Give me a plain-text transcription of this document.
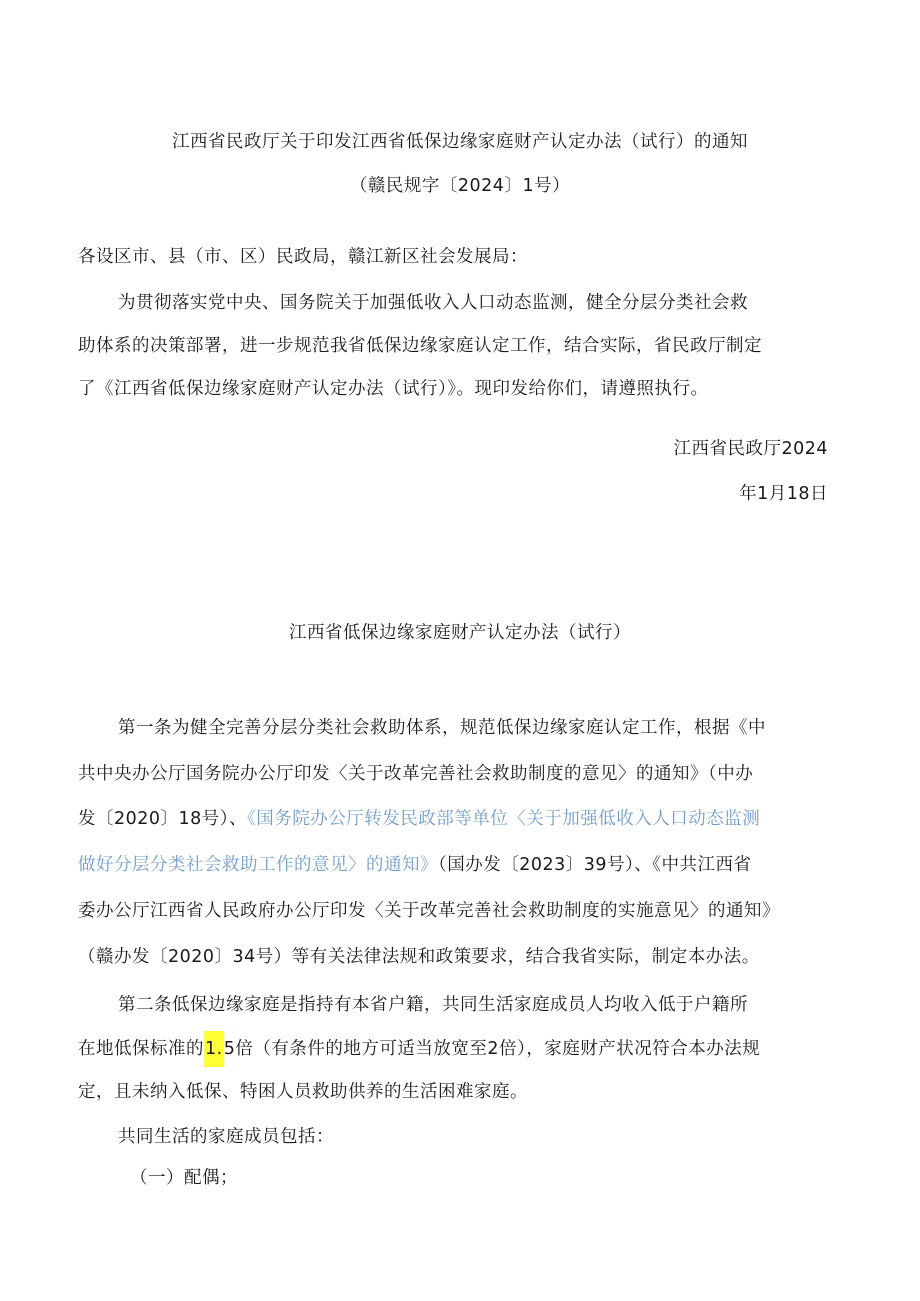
江西省民政厅关于印发江西省低保边缘家庭财产认定办法（试行）的通知
（赣民规字〔2024〕1号）
各设区市、县（市、区）民政局，赣江新区社会发展局：
为贯彻落实党中央、国务院关于加强低收入人口动态监测，健全分层分类社会救
助体系的决策部署，进一步规范我省低保边缘家庭认定工作，结合实际，省民政厅制定
了《江西省低保边缘家庭财产认定办法（试行）》。现印发给你们，请遵照执行。
江西省民政厅2024
年1月18日
江西省低保边缘家庭财产认定办法（试行）
第一条为健全完善分层分类社会救助体系，规范低保边缘家庭认定工作，根据《中
共中央办公厅国务院办公厅印发〈关于改革完善社会救助制度的意见〉的通知》（中办
发〔2020〕18号）、《国务院办公厅转发民政部等单位〈关于加强低收入人口动态监测
做好分层分类社会救助工作的意见〉的通知》（国办发〔2023〕39号）、《中共江西省
委办公厅江西省人民政府办公厅印发〈关于改革完善社会救助制度的实施意见〉的通知》
（赣办发〔2020〕34号）等有关法律法规和政策要求，结合我省实际，制定本办法。
第二条低保边缘家庭是指持有本省户籍，共同生活家庭成员人均收入低于户籍所
在地低保标准的1.5倍（有条件的地方可适当放宽至2倍），家庭财产状况符合本办法规
定，且未纳入低保、特困人员救助供养的生活困难家庭。
共同生活的家庭成员包括：
（一）配偶；
